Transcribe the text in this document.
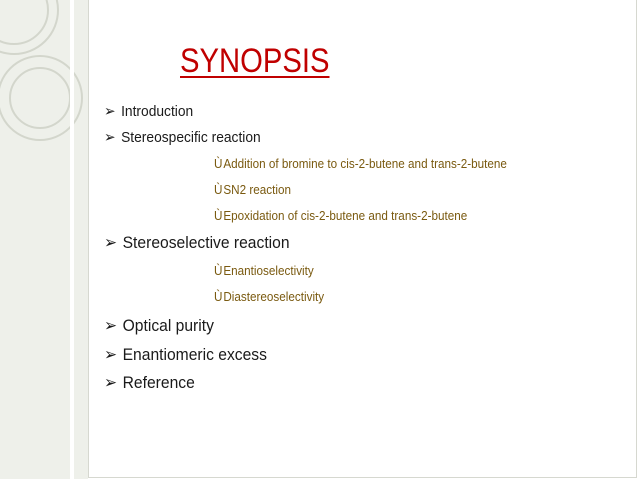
SYNOPSIS
➢ Introduction
➢ Stereospecific reaction
Ù Addition of bromine to cis-2-butene and trans-2-butene
Ù SN2 reaction
Ù Epoxidation of cis-2-butene and trans-2-butene
➢ Stereoselective reaction
Ù Enantioselectivity
Ù Diastereoselectivity
➢ Optical purity
➢ Enantiomeric excess
➢ Reference
